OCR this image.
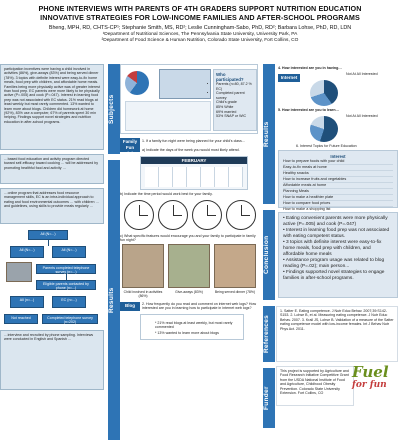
PHONE INTERVIEWS WITH PARENTS OF 4TH GRADERS SUPPORT NUTRITION EDUCATION
INNOVATIVE STRATEGIES FOR LOW-INCOME FAMILIES AND AFTER-SCHOOL PROGRAMS
Bheng, MPH, RD, CHTS-CP¹; Stephanie Smith, MS, RD²; Leslie Cunningham-Sabo, PhD, RD²; Barbara Lohse, PhD, RD, LDN
¹Department of Nutritional Sciences, The Pennsylvania State University, University Park, PA
²Department of Food Science & Human Nutrition, Colorado State University, Fort Collins, CO

participation incentives were having a child involved in activities (86%), give-aways (83%) and being served dinner (78%). 3 topics with definite interest were easy-to-fix home meals, food prep with children, and affordable home meals. Families being more physically active was of greater interest than food prep. EC parents were more likely to be physically active (P=.005) and cook (P=.047). Interest in learning food prep was not associated with EC status. 21% read blogs at least weekly but most rarely commented. 13% wanted to learn more about blogs. Children did homework at home (92%), 83% use a computer, 67% of parents spent 30 min helping. Findings support novel strategies and nutrition education in after-school programs.

…based food education and activity program directed toward self-efficacy toward cooking … will be addressed by promoting healthful food and activity …

…online program that addresses food resource management skills, EC is an intra-individual approach to eating and food environmental outcomes … with children … and guidelines, using skills to provide meals regularly …

All (N=...)
All (N=...)	All (N=...)
Parents completed telephone survey (n=...)
Eligible parents contacted by phone (n=...)
All (n=...)	EC (n=...)
Not reached	Completed telephone survey (n=202)

…interview and recruited by phone sampling. Interviews were conducted in English and Spanish …

Subjects
Results
Who participated?
• Parents (n=80, 87.2 % EC)
• Completed parent survey
• Child's grade
• 85% White
• 69% married
• 53% SNAP or WIC
Family Fun Night
1. If a family fun night were being planned for your child's class…
a) Indicate the days of the week you would most likely attend.
FEBRUARY
b) Indicate the time period would work best for your family.
c) What specific features would encourage you and your family to participate in family fun night?
Child involved in activities (86%)
Give-aways (83%)	Being served dinner (78%)
Blog	2. How frequently do you read and comment on internet web logs? How interested are you in learning how to participate in internet web logs?
* 21% read blogs at least weekly, but most rarely commented
* 13% wanted to learn more about blogs
Results
Conclusion
References
Funder
4. How interested are you in having…
Internet
Not At All Interested
5. How interested are you to learn…
Not At All Interested
6. Interest Topics for Future Education
Interest
How to prepare foods with your child
Easy-to-fix meals at home
Healthy snacks
How to increase fruits and vegetables
Affordable meals at home
Planning Meals
How to make a healthier plate
How to compare food prices
How to make a shopping list
• Eating convenient parents were more physically active (P=.005) and cook (P=.047)
• Interest in learning food prep was not associated with eating competent status.
• 3 topics with definite interest were easy-to-fix home meals, food prep with children, and affordable home meals
• Assistance program usage was related to blog reading (P=.02); main person...
• Findings supported novel strategies to engage families in after-school programs.

1. Satter E. Eating competence. J Nutr Educ Behav. 2007;39:S142-S153. 2. Lohse B, et al. Measuring eating competence. J Nutr Educ Behav. 2007. 3. Krall JS, Lohse B. Validation of a measure of the Satter eating competence model with low-income females. Int J Behav Nutr Phys Act. 2011.

This project is supported by Agriculture and Food Research Initiative Competitive Grant from the USDA National Institute of Food and Agriculture, Childhood Obesity Prevention. Colorado State University Extension. Fort Collins, CO

Fuel
for fun
